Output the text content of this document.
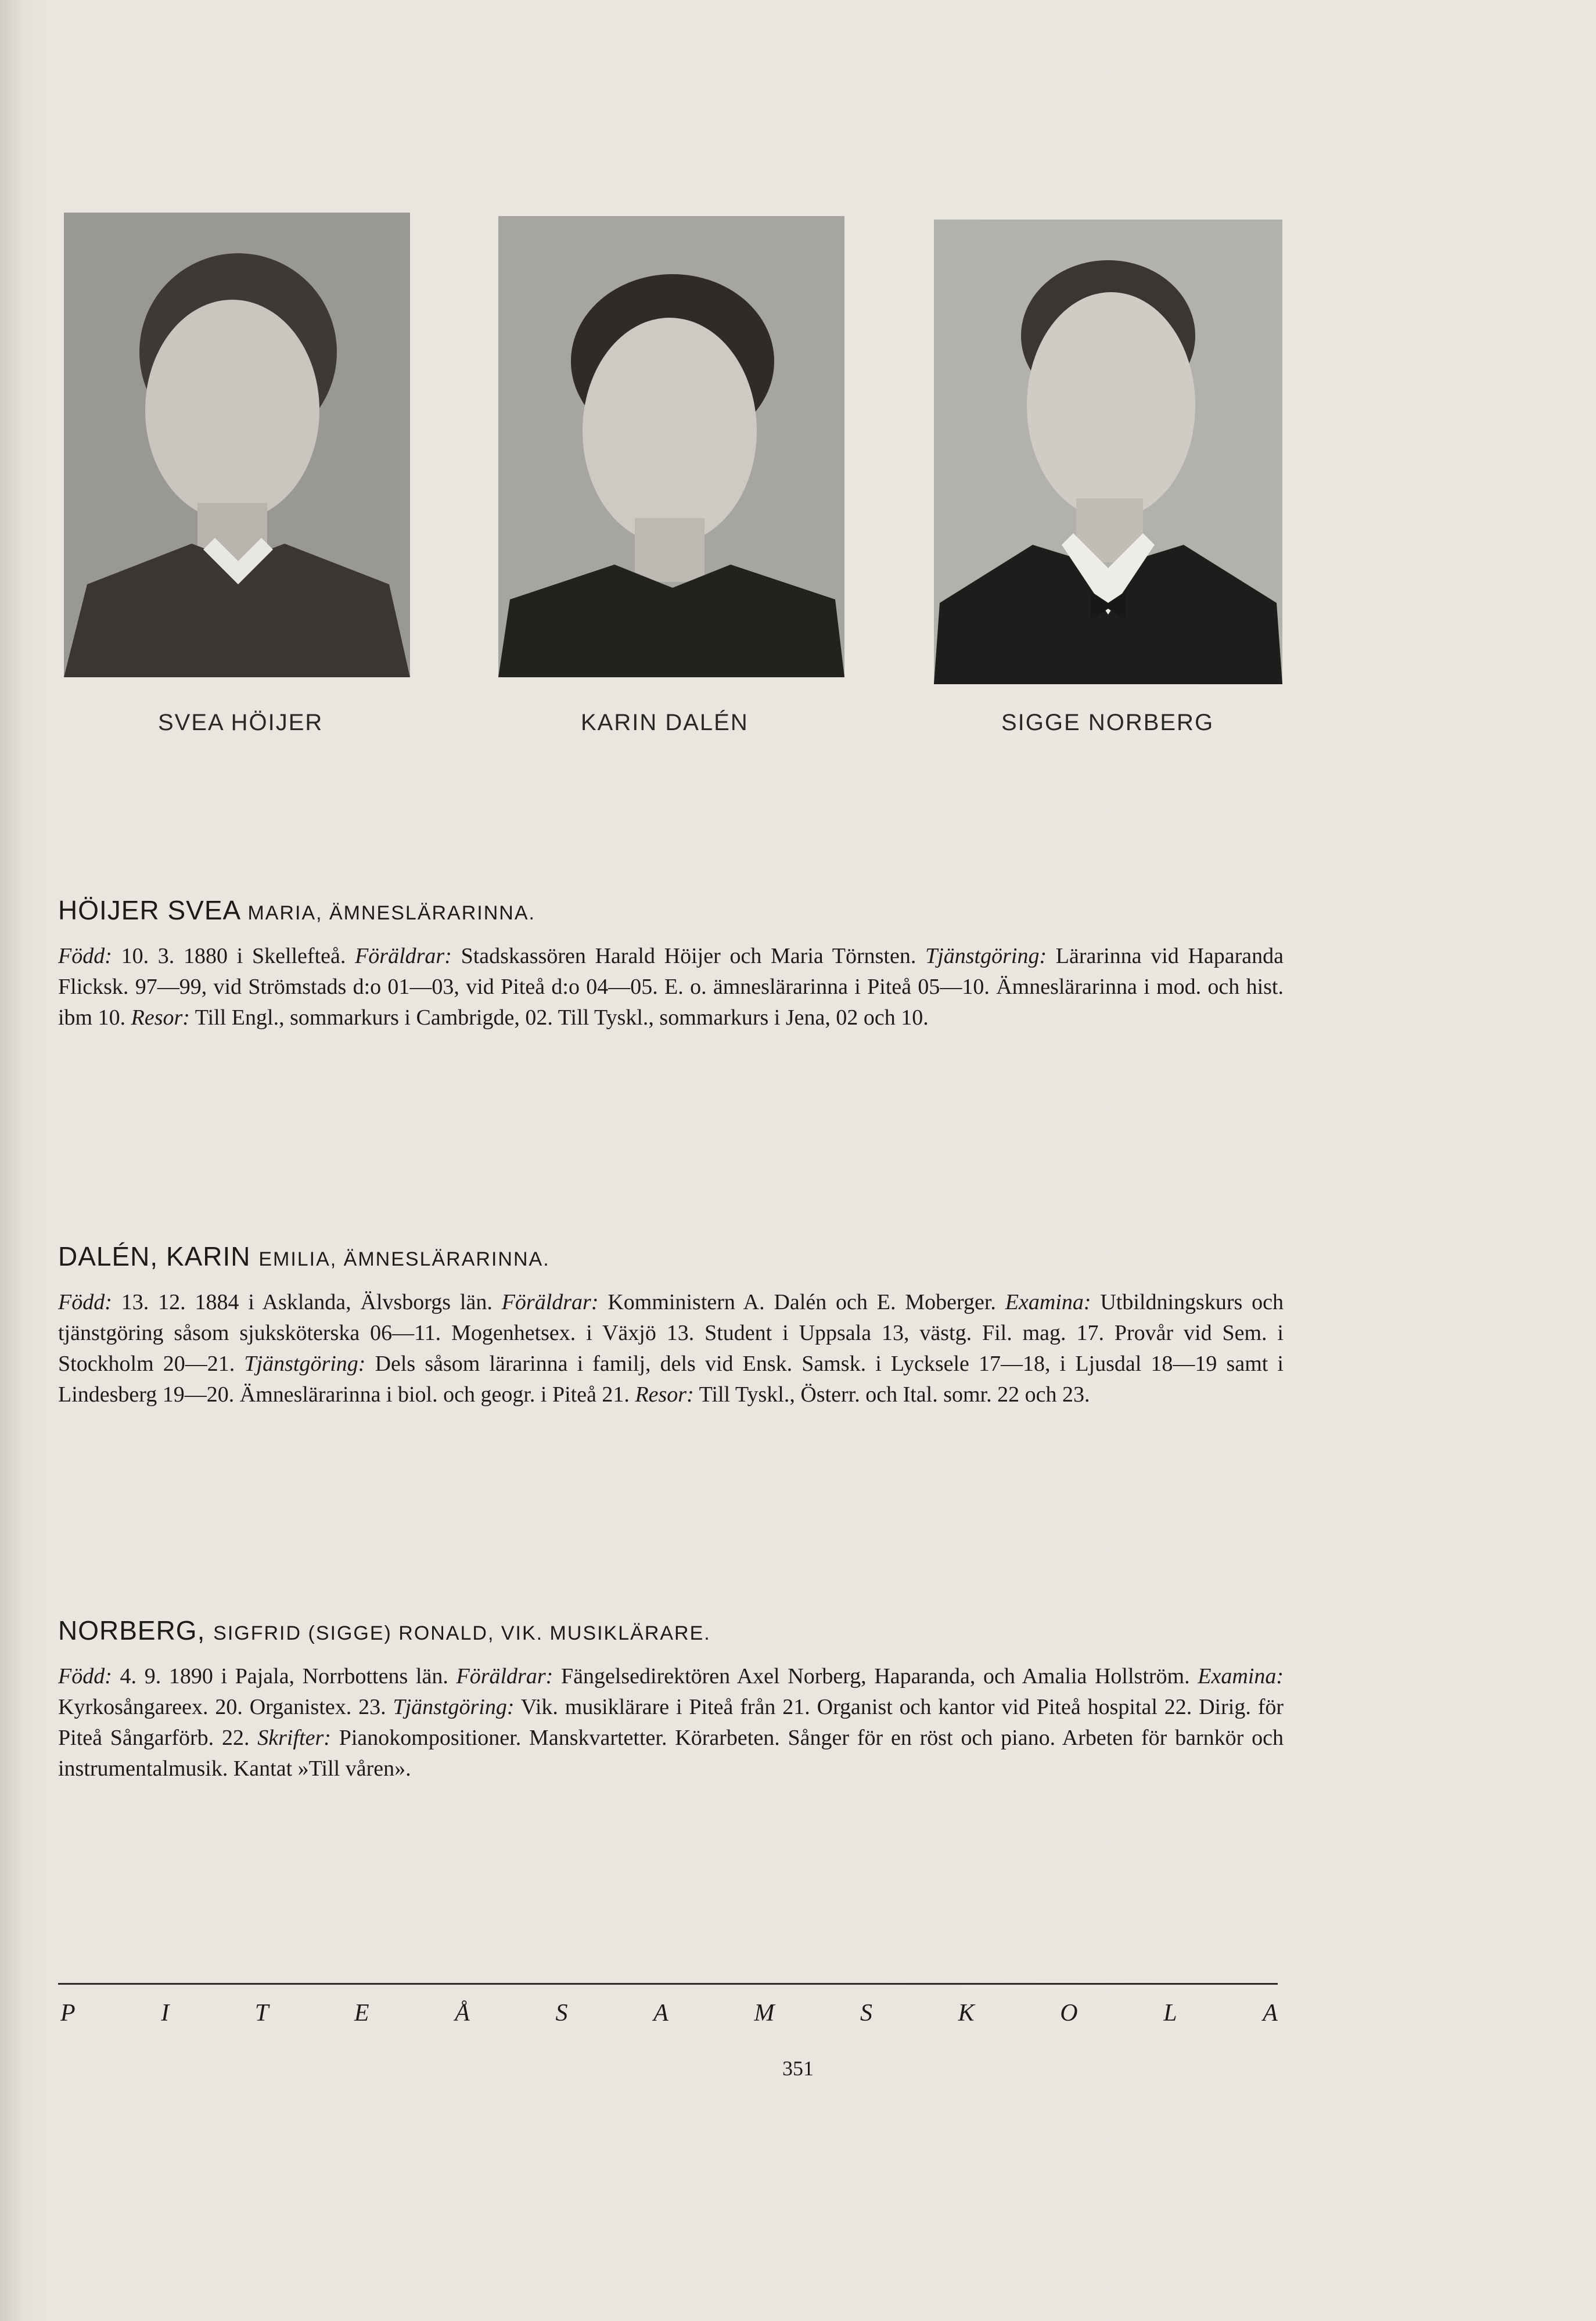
SVEA HÖIJER	KARIN DALÉN	SIGGE NORBERG
HÖIJER SVEA MARIA, ÄMNESLÄRARINNA.

Född: 10. 3. 1880 i Skellefteå. Föräldrar: Stadskassören Harald Höijer och Maria Törnsten. Tjänstgöring: Lärarinna vid Haparanda Flicksk. 97—99, vid Strömstads d:o 01—03, vid Piteå d:o 04—05. E. o. ämneslärarinna i Piteå 05—10. Ämneslärarinna i mod. och hist. ibm 10. Resor: Till Engl., sommarkurs i Cambrigde, 02. Till Tyskl., sommarkurs i Jena, 02 och 10.

DALÉN, KARIN EMILIA, ÄMNESLÄRARINNA.

Född: 13. 12. 1884 i Asklanda, Älvsborgs län. Föräldrar: Komministern A. Dalén och E. Moberger. Examina: Utbildningskurs och tjänstgöring såsom sjuksköterska 06—11. Mogenhetsex. i Växjö 13. Student i Uppsala 13, västg. Fil. mag. 17. Provår vid Sem. i Stockholm 20—21. Tjänstgöring: Dels såsom lärarinna i familj, dels vid Ensk. Samsk. i Lycksele 17—18, i Ljusdal 18—19 samt i Lindesberg 19—20. Ämneslärarinna i biol. och geogr. i Piteå 21. Resor: Till Tyskl., Österr. och Ital. somr. 22 och 23.

NORBERG, SIGFRID (SIGGE) RONALD, VIK. MUSIKLÄRARE.

Född: 4. 9. 1890 i Pajala, Norrbottens län. Föräldrar: Fängelsedirektören Axel Norberg, Haparanda, och Amalia Hollström. Examina: Kyrkosångareex. 20. Organistex. 23. Tjänstgöring: Vik. musiklärare i Piteå från 21. Organist och kantor vid Piteå hospital 22. Dirig. för Piteå Sångarförb. 22. Skrifter: Pianokompositioner. Manskvartetter. Körarbeten. Sånger för en röst och piano. Arbeten för barnkör och instrumentalmusik. Kantat »Till våren».

P	I	T	E	Å	S	A	M	S	K	O	L	A
351
